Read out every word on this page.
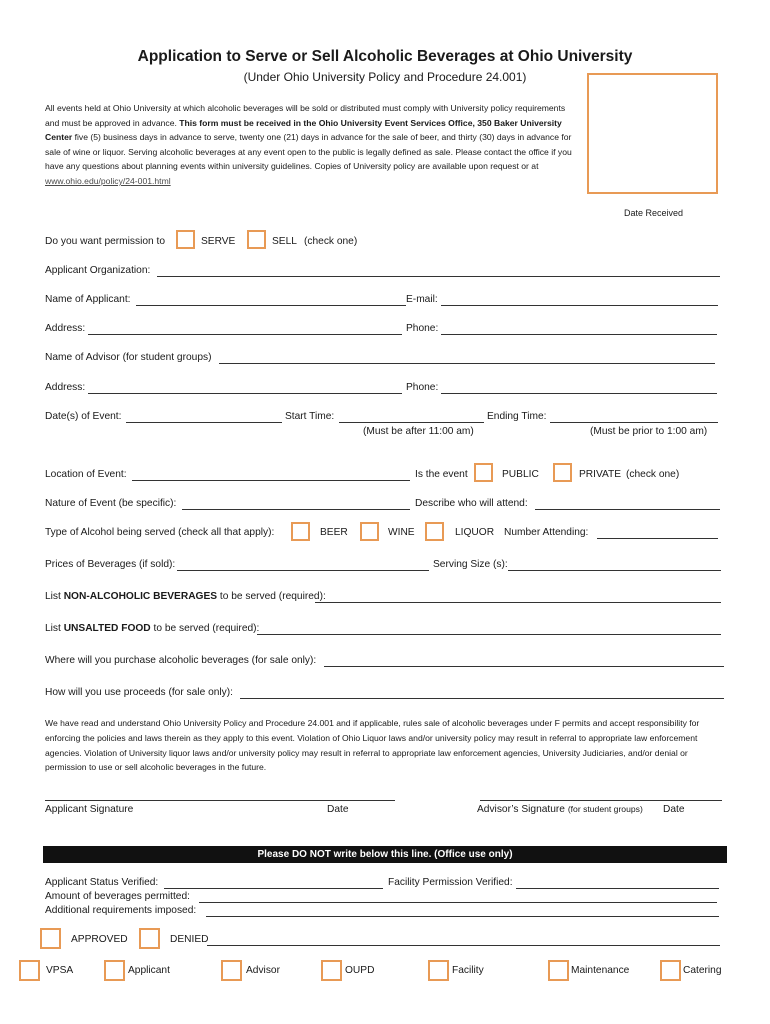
Application to Serve or Sell Alcoholic Beverages at Ohio University
(Under Ohio University Policy and Procedure 24.001)
All events held at Ohio University at which alcoholic beverages will be sold or distributed must comply with University policy requirements and must be approved in advance. This form must be received in the Ohio University Event Services Office, 350 Baker University Center five (5) business days in advance to serve, twenty one (21) days in advance for the sale of beer, and thirty (30) days in advance for sale of wine or liquor. Serving alcoholic beverages at any event open to the public is legally defined as sale. Please contact the office if you have any questions about planning events within university guidelines. Copies of University policy are available upon request or at www.ohio.edu/policy/24-001.html
Date Received
Do you want permission to	SERVE	SELL (check one)
Applicant Organization:
Name of Applicant:	E-mail:
Address:	Phone:
Name of Advisor (for student groups)
Address:	Phone:
Date(s) of Event:	Start Time:	Ending Time:
(Must be after 11:00 am)	(Must be prior to 1:00 am)
Location of Event:	Is the event	PUBLIC	PRIVATE (check one)
Nature of Event (be specific):	Describe who will attend:
Type of Alcohol being served (check all that apply):	BEER	WINE	LIQUOR Number Attending:
Prices of Beverages (if sold):	Serving Size (s):
List NON-ALCOHOLIC BEVERAGES to be served (required):
List UNSALTED FOOD to be served (required):
Where will you purchase alcoholic beverages (for sale only):
How will you use proceeds (for sale only):
We have read and understand Ohio University Policy and Procedure 24.001 and if applicable, rules sale of alcoholic beverages under F permits and accept responsibility for enforcing the policies and laws therein as they apply to this event. Violation of Ohio Liquor laws and/or university policy may result in referral to appropriate law enforcement agencies. Violation of University liquor laws and/or university policy may result in referral to appropriate law enforcement agencies, University Judiciaries, and/or denial or permission to use or sell alcoholic beverages in the future.
Applicant Signature	Date	Advisor’s Signature (for student groups) Date
Please DO NOT write below this line. (Office use only)
Applicant Status Verified:	Facility Permission Verified:
Amount of beverages permitted:
Additional requirements imposed:
APPROVED	DENIED
VPSA	Applicant	Advisor	OUPD	Facility	Maintenance	Catering
